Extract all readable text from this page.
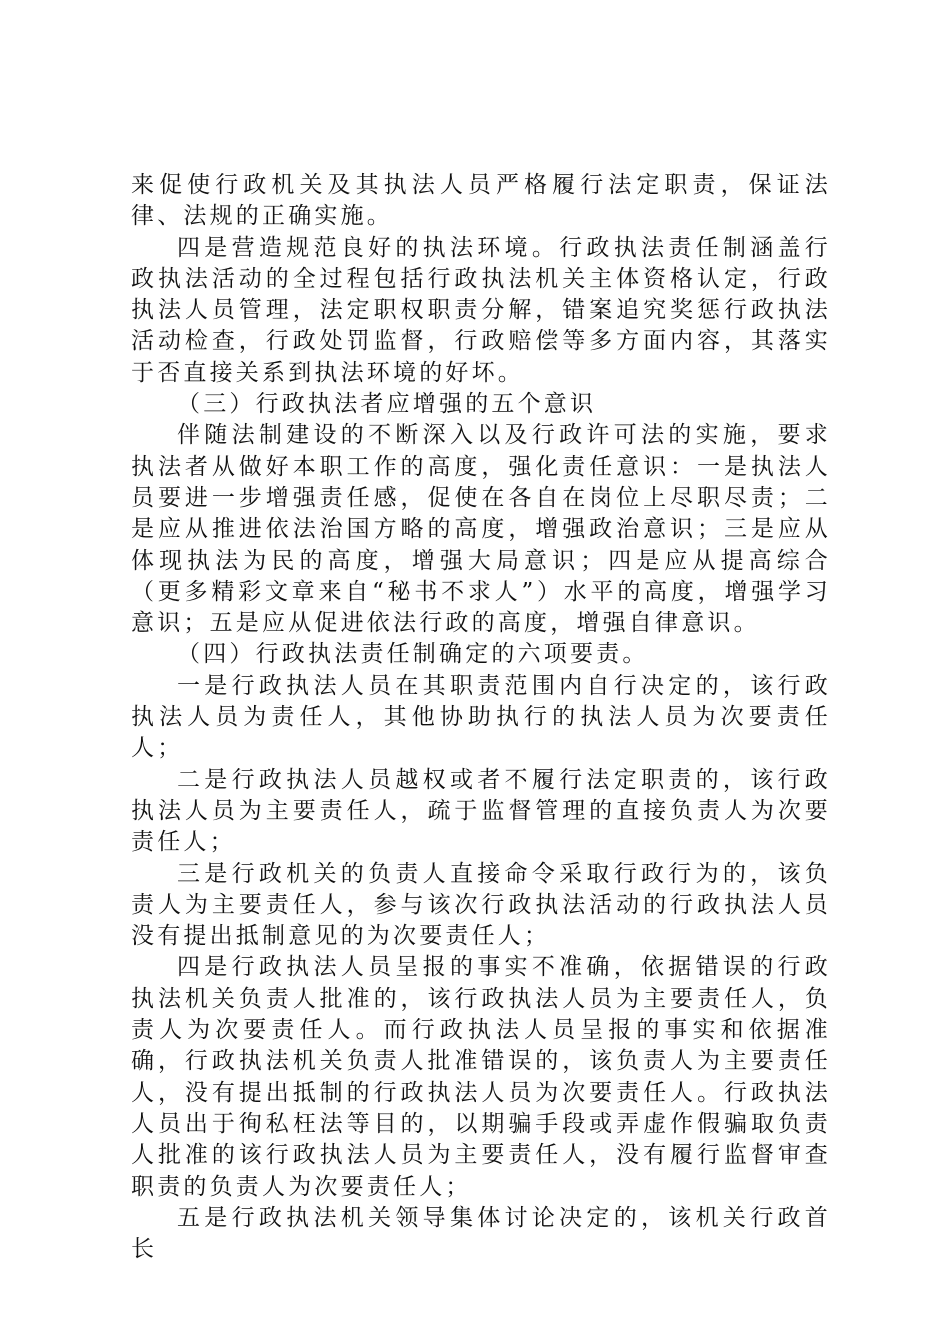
来促使行政机关及其执法人员严格履行法定职责，保证法律、法规的正确实施。

四是营造规范良好的执法环境。行政执法责任制涵盖行政执法活动的全过程包括行政执法机关主体资格认定，行政执法人员管理，法定职权职责分解，错案追究奖惩行政执法活动检查，行政处罚监督，行政赔偿等多方面内容，其落实于否直接关系到执法环境的好坏。

（三）行政执法者应增强的五个意识

伴随法制建设的不断深入以及行政许可法的实施，要求执法者从做好本职工作的高度，强化责任意识：一是执法人员要进一步增强责任感，促使在各自在岗位上尽职尽责；二是应从推进依法治国方略的高度，增强政治意识；三是应从体现执法为民的高度，增强大局意识；四是应从提高综合（更多精彩文章来自“秘书不求人”）水平的高度，增强学习意识；五是应从促进依法行政的高度，增强自律意识。

（四）行政执法责任制确定的六项要责。

一是行政执法人员在其职责范围内自行决定的，该行政执法人员为责任人，其他协助执行的执法人员为次要责任人；

二是行政执法人员越权或者不履行法定职责的，该行政执法人员为主要责任人，疏于监督管理的直接负责人为次要责任人；

三是行政机关的负责人直接命令采取行政行为的，该负责人为主要责任人，参与该次行政执法活动的行政执法人员没有提出抵制意见的为次要责任人；

四是行政执法人员呈报的事实不准确，依据错误的行政执法机关负责人批准的，该行政执法人员为主要责任人，负责人为次要责任人。而行政执法人员呈报的事实和依据准确，行政执法机关负责人批准错误的，该负责人为主要责任人，没有提出抵制的行政执法人员为次要责任人。行政执法人员出于徇私枉法等目的，以期骗手段或弄虚作假骗取负责人批准的该行政执法人员为主要责任人，没有履行监督审查职责的负责人为次要责任人；

五是行政执法机关领导集体讨论决定的，该机关行政首长
